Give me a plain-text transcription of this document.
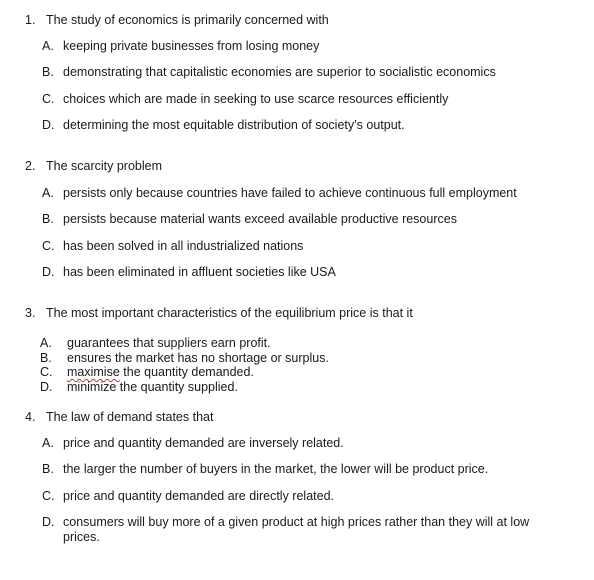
1. The study of economics is primarily concerned with
A. keeping private businesses from losing money
B. demonstrating that capitalistic economies are superior to socialistic economics
C. choices which are made in seeking to use scarce resources efficiently
D. determining the most equitable distribution of society’s output.
2. The scarcity problem
A. persists only because countries have failed to achieve continuous full employment
B. persists because material wants exceed available productive resources
C. has been solved in all industrialized nations
D. has been eliminated in affluent societies like USA
3. The most important characteristics of the equilibrium price is that it
A. guarantees that suppliers earn profit.
B. ensures the market has no shortage or surplus.
C. maximise the quantity demanded.
D. minimize the quantity supplied.
4. The law of demand states that
A. price and quantity demanded are inversely related.
B. the larger the number of buyers in the market, the lower will be product price.
C. price and quantity demanded are directly related.
D. consumers will buy more of a given product at high prices rather than they will at low
prices.
